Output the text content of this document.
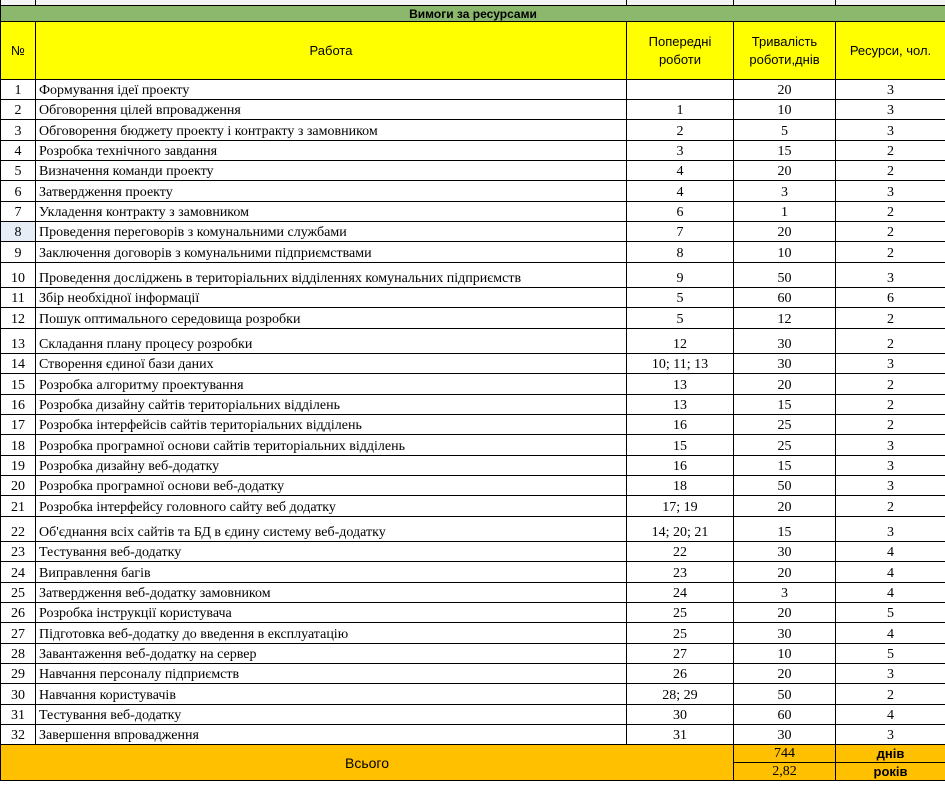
Вимоги за ресурсами				
№	Работа	Попередні роботи	Тривалість роботи,днів	Ресурси, чол.
1	Формування ідеї проекту		20	3
2	Обговорення цілей впровадження	1	10	3
3	Обговорення бюджету проекту і контракту з замовником	2	5	3
4	Розробка технічного завдання	3	15	2
5	Визначення команди проекту	4	20	2
6	Затвердження проекту	4	3	3
7	Укладення контракту з замовником	6	1	2
8	Проведення переговорів з комунальними службами	7	20	2
9	Заключення договорів з комунальними підприємствами	8	10	2
10	Проведення досліджень в територіальних відділеннях комунальних підприємств	9	50	3
11	Збір необхідної інформації	5	60	6
12	Пошук оптимального середовища розробки	5	12	2
13	Складання плану процесу розробки	12	30	2
14	Створення єдиної бази даних	10; 11; 13	30	3
15	Розробка алгоритму проектування	13	20	2
16	Розробка дизайну сайтів територіальних відділень	13	15	2
17	Розробка інтерфейсів сайтів територіальних відділень	16	25	2
18	Розробка програмної основи сайтів територіальних відділень	15	25	3
19	Розробка дизайну веб-додатку	16	15	3
20	Розробка програмної основи веб-додатку	18	50	3
21	Розробка інтерфейсу головного сайту веб додатку	17; 19	20	2
22	Об'єднання всіх сайтів та БД в єдину систему веб-додатку	14; 20; 21	15	3
23	Тестування веб-додатку	22	30	4
24	Виправлення багів	23	20	4
25	Затвердження веб-додатку замовником	24	3	4
26	Розробка інструкції користувача	25	20	5
27	Підготовка веб-додатку до введення в експлуатацію	25	30	4
28	Завантаження веб-додатку на сервер	27	10	5
29	Навчання персоналу підприємств	26	20	3
30	Навчання користувачів	28; 29	50	2
31	Тестування веб-додатку	30	60	4
32	Завершення впровадження	31	30	3
Всього			744	днів
			2,82	років
